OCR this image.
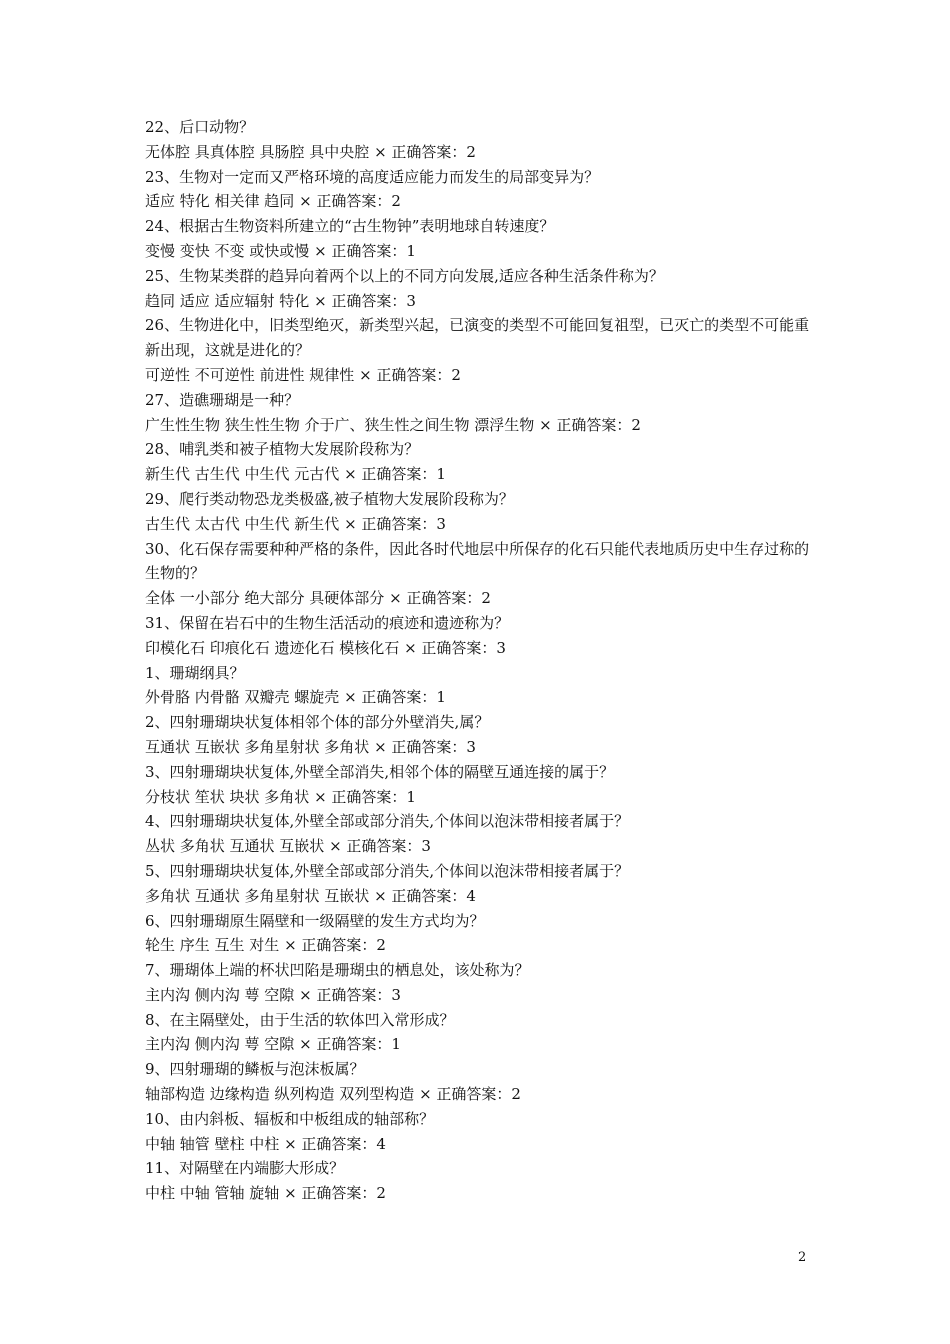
22、后口动物？
无体腔 具真体腔 具肠腔 具中央腔 × 正确答案：2
23、生物对一定而又严格环境的高度适应能力而发生的局部变异为？
适应 特化 相关律 趋同 × 正确答案：2
24、根据古生物资料所建立的“古生物钟”表明地球自转速度？
变慢 变快 不变 或快或慢 × 正确答案：1
25、生物某类群的趋异向着两个以上的不同方向发展,适应各种生活条件称为？
趋同 适应 适应辐射 特化 × 正确答案：3
26、生物进化中，旧类型绝灭，新类型兴起，已演变的类型不可能回复祖型，已灭亡的类型不可能重新出现，这就是进化的？
可逆性 不可逆性 前进性 规律性 × 正确答案：2
27、造礁珊瑚是一种？
广生性生物 狭生性生物 介于广、狭生性之间生物 漂浮生物 × 正确答案：2
28、哺乳类和被子植物大发展阶段称为？
新生代 古生代 中生代 元古代 × 正确答案：1
29、爬行类动物恐龙类极盛,被子植物大发展阶段称为？
古生代 太古代 中生代 新生代 × 正确答案：3
30、化石保存需要种种严格的条件，因此各时代地层中所保存的化石只能代表地质历史中生存过称的生物的？
全体 一小部分 绝大部分 具硬体部分 × 正确答案：2
31、保留在岩石中的生物生活活动的痕迹和遗迹称为？
印模化石 印痕化石 遗迹化石 模核化石 × 正确答案：3
1、珊瑚纲具？
外骨胳 内骨骼 双瓣壳 螺旋壳 × 正确答案：1
2、四射珊瑚块状复体相邻个体的部分外壁消失,属？
互通状 互嵌状 多角星射状 多角状 × 正确答案：3
3、四射珊瑚块状复体,外壁全部消失,相邻个体的隔壁互通连接的属于？
分枝状 笙状 块状 多角状 × 正确答案：1
4、四射珊瑚块状复体,外壁全部或部分消失,个体间以泡沫带相接者属于？
丛状 多角状 互通状 互嵌状 × 正确答案：3
5、四射珊瑚块状复体,外壁全部或部分消失,个体间以泡沫带相接者属于？
多角状 互通状 多角星射状 互嵌状 × 正确答案：4
6、四射珊瑚原生隔壁和一级隔壁的发生方式均为？
轮生 序生 互生 对生 × 正确答案：2
7、珊瑚体上端的杯状凹陷是珊瑚虫的栖息处，该处称为？
主内沟 侧内沟 萼 空隙 × 正确答案：3
8、在主隔壁处，由于生活的软体凹入常形成？
主内沟 侧内沟 萼 空隙 × 正确答案：1
9、四射珊瑚的鳞板与泡沫板属？
轴部构造 边缘构造 纵列构造 双列型构造 × 正确答案：2
10、由内斜板、辐板和中板组成的轴部称？
中轴 轴管 壁柱 中柱 × 正确答案：4
11、对隔壁在内端膨大形成？
中柱 中轴 管轴 旋轴 × 正确答案：2
2
